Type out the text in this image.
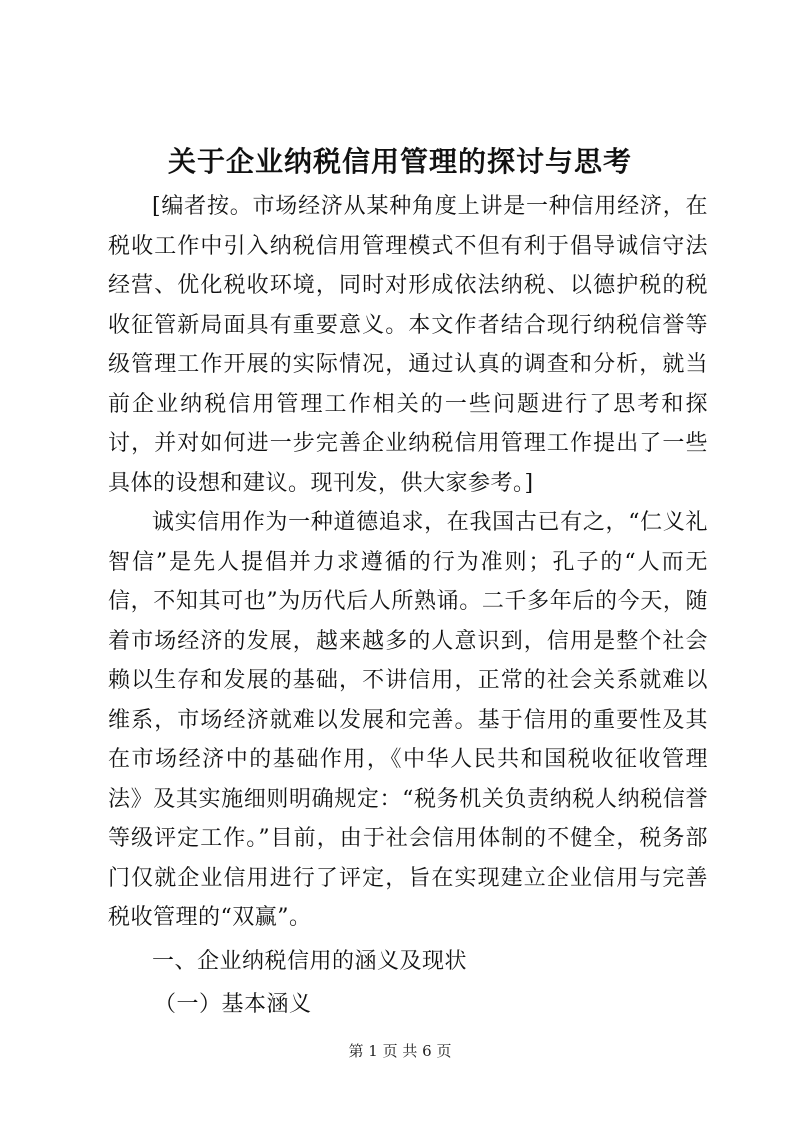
关于企业纳税信用管理的探讨与思考

[编者按。市场经济从某种角度上讲是一种信用经济，在税收工作中引入纳税信用管理模式不但有利于倡导诚信守法经营、优化税收环境，同时对形成依法纳税、以德护税的税收征管新局面具有重要意义。本文作者结合现行纳税信誉等级管理工作开展的实际情况，通过认真的调查和分析，就当前企业纳税信用管理工作相关的一些问题进行了思考和探讨，并对如何进一步完善企业纳税信用管理工作提出了一些具体的设想和建议。现刊发，供大家参考。]

诚实信用作为一种道德追求，在我国古已有之，“仁义礼智信”是先人提倡并力求遵循的行为准则；孔子的“人而无信，不知其可也”为历代后人所熟诵。二千多年后的今天，随着市场经济的发展，越来越多的人意识到，信用是整个社会赖以生存和发展的基础，不讲信用，正常的社会关系就难以维系，市场经济就难以发展和完善。基于信用的重要性及其在市场经济中的基础作用，《中华人民共和国税收征收管理法》及其实施细则明确规定：“税务机关负责纳税人纳税信誉等级评定工作。”目前，由于社会信用体制的不健全，税务部门仅就企业信用进行了评定，旨在实现建立企业信用与完善税收管理的“双赢”。

一、企业纳税信用的涵义及现状

（一）基本涵义

第 1 页 共 6 页
